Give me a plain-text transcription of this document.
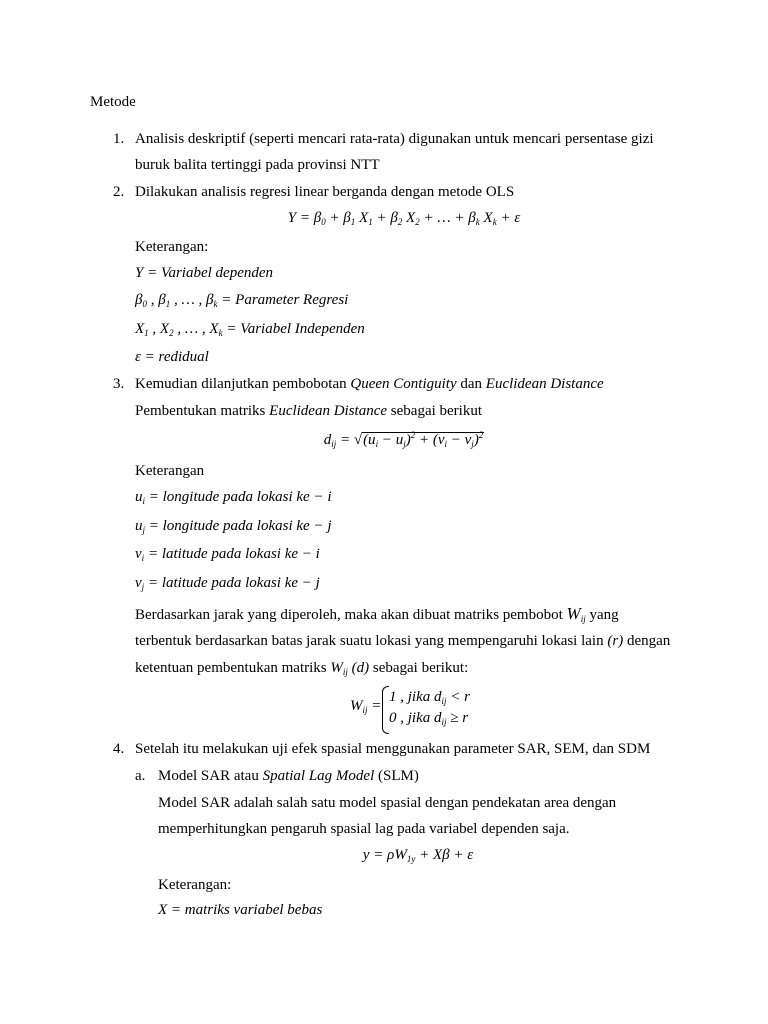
Metode
1. Analisis deskriptif (seperti mencari rata-rata) digunakan untuk mencari persentase gizi
buruk balita tertinggi pada provinsi NTT
2. Dilakukan analisis regresi linear berganda dengan metode OLS
$Y = \beta_0 + \beta_1$ $X_1 + \beta_2$ $X_2$ + … + $\beta_k$ $X_k + \varepsilon$
Keterangan:
Y = Variabel dependen
$\beta_0$ , $\beta_1$ , … , $\beta_k$ = Parameter Regresi
$X_1$ , $X_2$ , … , $X_k$ = Variabel Independen
ε = redidual
3. Kemudian dilanjutkan pembobotan Queen Contiguity dan Euclidean Distance
Pembentukan matriks Euclidean Distance sebagai berikut
$d_{ij} = √(u_i - u_j)^2 + (v_i - v_j)^2$
Keterangan
$u_i$ = longitude pada lokasi ke − i
$u_j$ = longitude pada lokasi ke − j
$v_i$ = latitude pada lokasi ke − i
$v_j$ = latitude pada lokasi ke − j
Berdasarkan jarak yang diperoleh, maka akan dibuat matriks pembobot $W_{ij}$ yang
terbentuk berdasarkan batas jarak suatu lokasi yang mempengaruhi lokasi lain (r) dengan
ketentuan pembentukan matriks $W_{ij}$ (d) sebagai berikut:
$W_{ij}$ =
1 , jika $d_{ij} < r$
0 , jika $d_{ij} \ge r$
4. Setelah itu melakukan uji efek spasial menggunakan parameter SAR, SEM, dan SDM
a. Model SAR atau Spatial Lag Model (SLM)
Model SAR adalah salah satu model spasial dengan pendekatan area dengan
memperhitungkan pengaruh spasial lag pada variabel dependen saja.
$y = \rho W_{1y} + X\beta + \varepsilon$
Keterangan:
X = matriks variabel bebas
